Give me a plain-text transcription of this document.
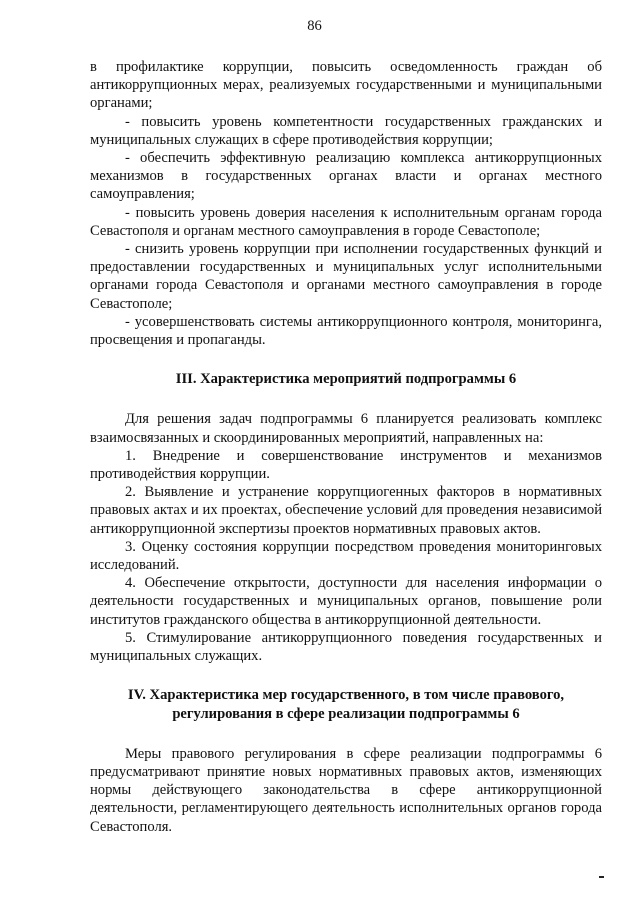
86

в профилактике коррупции, повысить осведомленность граждан об антикоррупционных мерах, реализуемых государственными и муниципальными органами;

- повысить уровень компетентности государственных гражданских и муниципальных служащих в сфере противодействия коррупции;

- обеспечить эффективную реализацию комплекса антикоррупционных механизмов в государственных органах власти и органах местного самоуправления;

- повысить уровень доверия населения к исполнительным органам города Севастополя и органам местного самоуправления в городе Севастополе;

- снизить уровень коррупции при исполнении государственных функций и предоставлении государственных и муниципальных услуг исполнительными органами города Севастополя и органами местного самоуправления в городе Севастополе;

- усовершенствовать системы антикоррупционного контроля, мониторинга, просвещения и пропаганды.

III. Характеристика мероприятий подпрограммы 6

Для решения задач подпрограммы 6 планируется реализовать комплекс взаимосвязанных и скоординированных мероприятий, направленных на:

1. Внедрение и совершенствование инструментов и механизмов противодействия коррупции.

2. Выявление и устранение коррупциогенных факторов в нормативных правовых актах и их проектах, обеспечение условий для проведения независимой антикоррупционной экспертизы проектов нормативных правовых актов.

3. Оценку состояния коррупции посредством проведения мониторинговых исследований.

4. Обеспечение открытости, доступности для населения информации о деятельности государственных и муниципальных органов, повышение роли институтов гражданского общества в антикоррупционной деятельности.

5. Стимулирование антикоррупционного поведения государственных и муниципальных служащих.

IV. Характеристика мер государственного, в том числе правового,
регулирования в сфере реализации подпрограммы 6

Меры правового регулирования в сфере реализации подпрограммы 6 предусматривают принятие новых нормативных правовых актов, изменяющих нормы действующего законодательства в сфере антикоррупционной деятельности, регламентирующего деятельность исполнительных органов города Севастополя.
